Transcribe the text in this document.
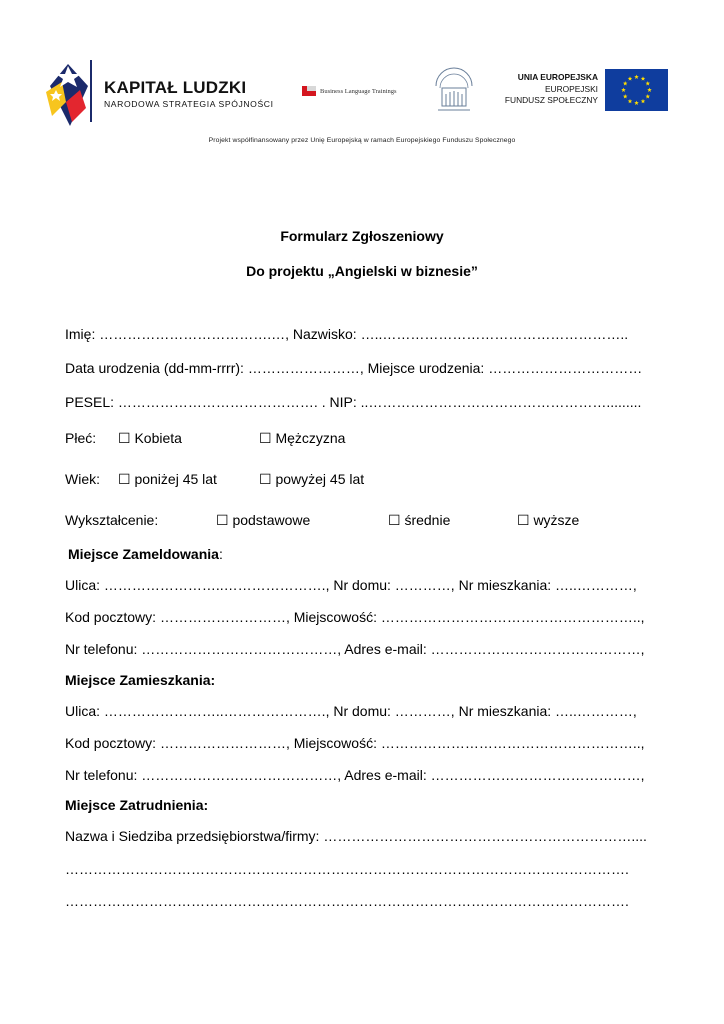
KAPITAŁ LUDZKI
NARODOWA STRATEGIA SPÓJNOŚCI
Business Language Trainings
UNIA EUROPEJSKA
EUROPEJSKI
FUNDUSZ SPOŁECZNY
Projekt współfinansowany przez Unię Europejską w ramach Europejskiego Funduszu Społecznego
Formularz Zgłoszeniowy
Do projektu „Angielski w biznesie”
Imię: ……………………………….…, Nazwisko: …..……………………………………………..
Data urodzenia (dd-mm-rrrr): ……………………, Miejsce urodzenia: ……………………………
PESEL: ……………………………………. . NIP: ..…………………………………………….........
Płeć: ☐ Kobieta	☐ Mężczyzna
Wiek: ☐ poniżej 45 lat	☐ powyżej 45 lat
Wykształcenie:	☐ podstawowe	☐ średnie	☐ wyższe
Miejsce Zameldowania:
Ulica: ……………………..…………………., Nr domu: …………, Nr mieszkania: …..…………,
Kod pocztowy: ………………………, Miejscowość: ………………………………………………..,
Nr telefonu: ……………………………………, Adres e-mail: ………………………………………,
Miejsce Zamieszkania:
Ulica: ……………………..…………………., Nr domu: …………, Nr mieszkania: …..…………,
Kod pocztowy: ………………………, Miejscowość: ………………………………………………..,
Nr telefonu: ……………………………………, Adres e-mail: ………………………………………,
Miejsce Zatrudnienia:
Nazwa i Siedziba przedsiębiorstwa/firmy: …………………………………………………………....
………………………………………………………………………………………………………….
………………………………………………………………………………………………………….
